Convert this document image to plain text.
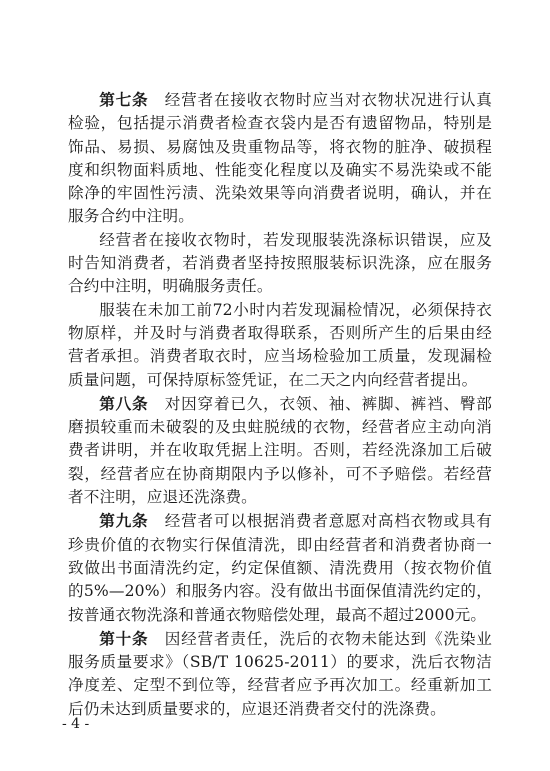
第七条　经营者在接收衣物时应当对衣物状况进行认真检验，包括提示消费者检查衣袋内是否有遗留物品，特别是饰品、易损、易腐蚀及贵重物品等，将衣物的脏净、破损程度和织物面料质地、性能变化程度以及确实不易洗染或不能除净的牢固性污渍、洗染效果等向消费者说明，确认，并在服务合约中注明。

经营者在接收衣物时，若发现服装洗涤标识错误，应及时告知消费者，若消费者坚持按照服装标识洗涤，应在服务合约中注明，明确服务责任。

服装在未加工前72小时内若发现漏检情况，必须保持衣物原样，并及时与消费者取得联系，否则所产生的后果由经营者承担。消费者取衣时，应当场检验加工质量，发现漏检质量问题，可保持原标签凭证，在二天之内向经营者提出。

第八条　对因穿着已久，衣领、袖、裤脚、裤裆、臀部磨损较重而未破裂的及虫蛀脱绒的衣物，经营者应主动向消费者讲明，并在收取凭据上注明。否则，若经洗涤加工后破裂，经营者应在协商期限内予以修补，可不予赔偿。若经营者不注明，应退还洗涤费。

第九条　经营者可以根据消费者意愿对高档衣物或具有珍贵价值的衣物实行保值清洗，即由经营者和消费者协商一致做出书面清洗约定，约定保值额、清洗费用（按衣物价值的5%—20%）和服务内容。没有做出书面保值清洗约定的，按普通衣物洗涤和普通衣物赔偿处理，最高不超过2000元。

第十条　因经营者责任，洗后的衣物未能达到《洗染业服务质量要求》（SB/T 10625-2011）的要求，洗后衣物洁净度差、定型不到位等，经营者应予再次加工。经重新加工后仍未达到质量要求的，应退还消费者交付的洗涤费。

- 4 -
